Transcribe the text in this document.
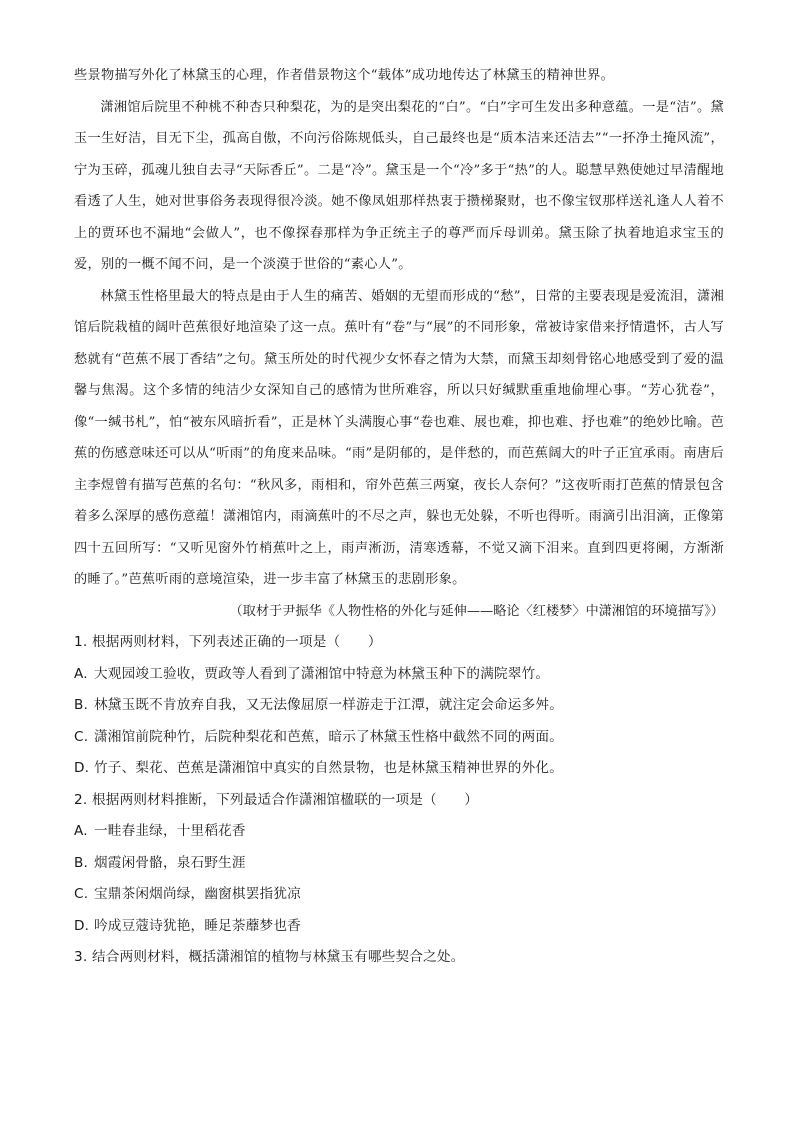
些景物描写外化了林黛玉的心理，作者借景物这个“载体”成功地传达了林黛玉的精神世界。

潇湘馆后院里不种桃不种杏只种梨花，为的是突出梨花的“白”。“白”字可生发出多种意蕴。一是“洁”。黛玉一生好洁，目无下尘，孤高自傲，不向污俗陈规低头，自己最终也是“质本洁来还洁去”“一抔净土掩风流”，宁为玉碎，孤魂儿独自去寻“天际香丘”。二是“冷”。黛玉是一个“冷”多于“热”的人。聪慧早熟使她过早清醒地看透了人生，她对世事俗务表现得很冷淡。她不像凤姐那样热衷于攒梯聚财，也不像宝钗那样送礼逢人人着不上的贾环也不漏地“会做人”，也不像探春那样为争正统主子的尊严而斥母训弟。黛玉除了执着地追求宝玉的爱，别的一概不闻不问，是一个淡漠于世俗的“素心人”。

林黛玉性格里最大的特点是由于人生的痛苦、婚姻的无望而形成的“愁”，日常的主要表现是爱流泪，潇湘馆后院栽植的阔叶芭蕉很好地渲染了这一点。蕉叶有“卷”与“展”的不同形象，常被诗家借来抒情遣怀，古人写愁就有“芭蕉不展丁香结”之句。黛玉所处的时代视少女怀春之情为大禁，而黛玉却刻骨铭心地感受到了爱的温馨与焦渴。这个多情的纯洁少女深知自己的感情为世所难容，所以只好缄默重重地偷埋心事。“芳心犹卷”，像“一缄书札”，怕“被东风暗折看”，正是林丫头满腹心事“卷也难、展也难，抑也难、抒也难”的绝妙比喻。芭蕉的伤感意味还可以从“听雨”的角度来品味。“雨”是阴郁的，是伴愁的，而芭蕉阔大的叶子正宜承雨。南唐后主李煜曾有描写芭蕉的名句：“秋风多，雨相和，帘外芭蕉三两窠，夜长人奈何？”这夜听雨打芭蕉的情景包含着多么深厚的感伤意蕴！潇湘馆内，雨滴蕉叶的不尽之声，躲也无处躲，不听也得听。雨滴引出泪滴，正像第四十五回所写：“又听见窗外竹梢蕉叶之上，雨声淅沥，清寒透幕，不觉又滴下泪来。直到四更将阑，方渐渐的睡了。”芭蕉听雨的意境渲染，进一步丰富了林黛玉的悲剧形象。

（取材于尹振华《人物性格的外化与延伸——略论〈红楼梦〉中潇湘馆的环境描写》）

1. 根据两则材料，下列表述正确的一项是（　　）

A. 大观园竣工验收，贾政等人看到了潇湘馆中特意为林黛玉种下的满院翠竹。

B. 林黛玉既不肯放弃自我，又无法像屈原一样游走于江潭，就注定会命运多舛。

C. 潇湘馆前院种竹，后院种梨花和芭蕉，暗示了林黛玉性格中截然不同的两面。

D. 竹子、梨花、芭蕉是潇湘馆中真实的自然景物，也是林黛玉精神世界的外化。

2. 根据两则材料推断，下列最适合作潇湘馆楹联的一项是（　　）

A. 一畦春韭绿，十里稻花香

B. 烟霞闲骨骼，泉石野生涯

C. 宝鼎茶闲烟尚绿，幽窗棋罢指犹凉

D. 吟成豆蔻诗犹艳，睡足荼蘼梦也香

3. 结合两则材料，概括潇湘馆的植物与林黛玉有哪些契合之处。
